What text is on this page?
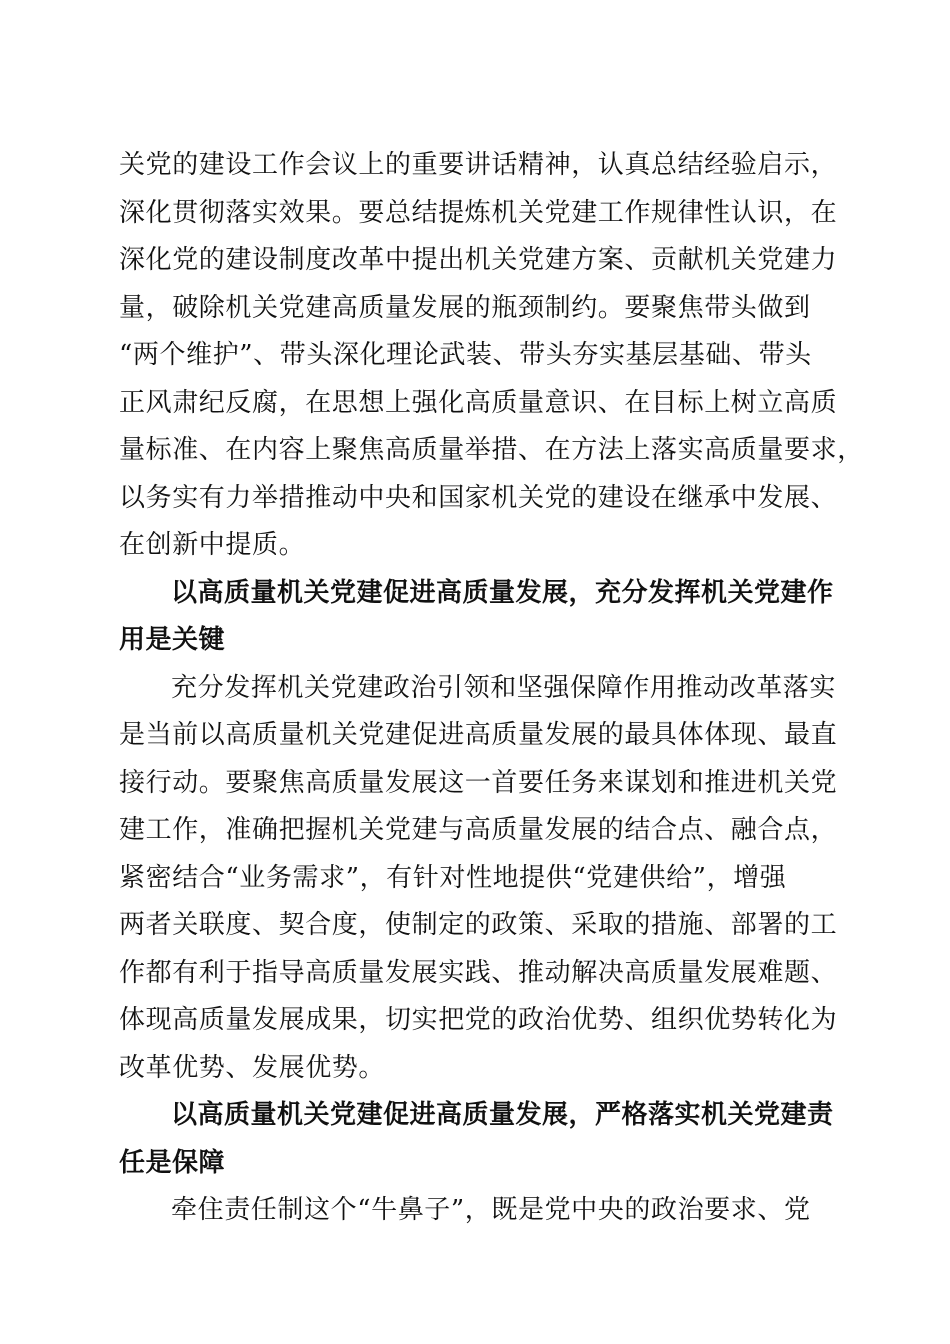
关党的建设工作会议上的重要讲话精神，认真总结经验启示，
深化贯彻落实效果。要总结提炼机关党建工作规律性认识，在
深化党的建设制度改革中提出机关党建方案、贡献机关党建力
量，破除机关党建高质量发展的瓶颈制约。要聚焦带头做到
“两个维护”、带头深化理论武装、带头夯实基层基础、带头
正风肃纪反腐，在思想上强化高质量意识、在目标上树立高质
量标准、在内容上聚焦高质量举措、在方法上落实高质量要求，
以务实有力举措推动中央和国家机关党的建设在继承中发展、
在创新中提质。
以高质量机关党建促进高质量发展，充分发挥机关党建作
用是关键
充分发挥机关党建政治引领和坚强保障作用推动改革落实
是当前以高质量机关党建促进高质量发展的最具体体现、最直
接行动。要聚焦高质量发展这一首要任务来谋划和推进机关党
建工作，准确把握机关党建与高质量发展的结合点、融合点，
紧密结合“业务需求”，有针对性地提供“党建供给”，增强
两者关联度、契合度，使制定的政策、采取的措施、部署的工
作都有利于指导高质量发展实践、推动解决高质量发展难题、
体现高质量发展成果，切实把党的政治优势、组织优势转化为
改革优势、发展优势。
以高质量机关党建促进高质量发展，严格落实机关党建责
任是保障
牵住责任制这个“牛鼻子”，既是党中央的政治要求、党
